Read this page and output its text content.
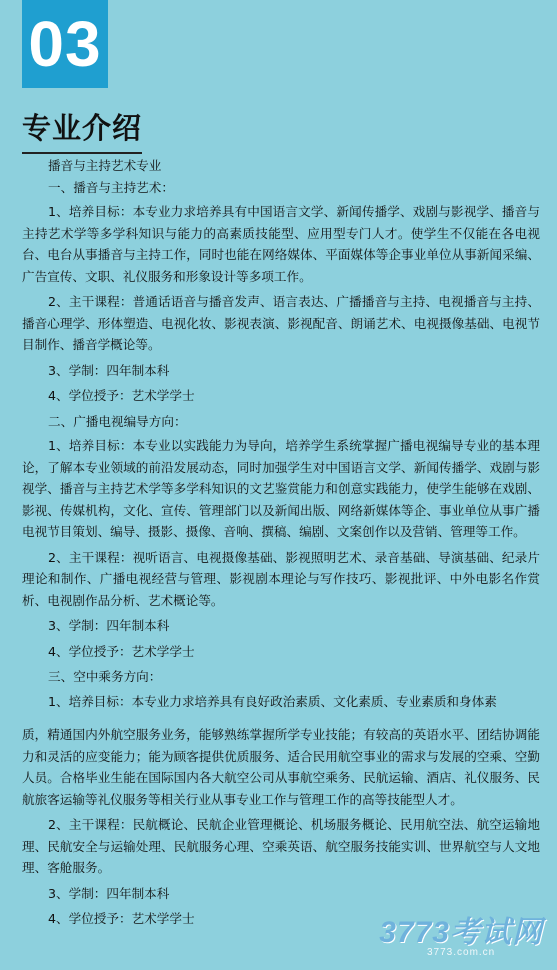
03
专业介绍

播音与主持艺术专业

一、播音与主持艺术：

1、培养目标：本专业力求培养具有中国语言文学、新闻传播学、戏剧与影视学、播音与主持艺术学等多学科知识与能力的高素质技能型、应用型专门人才。使学生不仅能在各电视台、电台从事播音与主持工作，同时也能在网络媒体、平面媒体等企事业单位从事新闻采编、广告宣传、文职、礼仪服务和形象设计等多项工作。

2、主干课程：普通话语音与播音发声、语言表达、广播播音与主持、电视播音与主持、播音心理学、形体塑造、电视化妆、影视表演、影视配音、朗诵艺术、电视摄像基础、电视节目制作、播音学概论等。

3、学制：四年制本科

4、学位授予：艺术学学士

二、广播电视编导方向：

1、培养目标：本专业以实践能力为导向，培养学生系统掌握广播电视编导专业的基本理论，了解本专业领域的前沿发展动态，同时加强学生对中国语言文学、新闻传播学、戏剧与影视学、播音与主持艺术学等多学科知识的文艺鉴赏能力和创意实践能力，使学生能够在戏剧、影视、传媒机构，文化、宣传、管理部门以及新闻出版、网络新媒体等企、事业单位从事广播电视节目策划、编导、摄影、摄像、音响、撰稿、编剧、文案创作以及营销、管理等工作。

2、主干课程：视听语言、电视摄像基础、影视照明艺术、录音基础、导演基础、纪录片理论和制作、广播电视经营与管理、影视剧本理论与写作技巧、影视批评、中外电影名作赏析、电视剧作品分析、艺术概论等。

3、学制：四年制本科

4、学位授予：艺术学学士

三、空中乘务方向：

1、培养目标：本专业力求培养具有良好政治素质、文化素质、专业素质和身体素

质，精通国内外航空服务业务，能够熟练掌握所学专业技能；有较高的英语水平、团结协调能力和灵活的应变能力；能为顾客提供优质服务、适合民用航空事业的需求与发展的空乘、空勤人员。合格毕业生能在国际国内各大航空公司从事航空乘务、民航运输、酒店、礼仪服务、民航旅客运输等礼仪服务等相关行业从事专业工作与管理工作的高等技能型人才。

2、主干课程：民航概论、民航企业管理概论、机场服务概论、民用航空法、航空运输地理、民航安全与运输处理、民航服务心理、空乘英语、航空服务技能实训、世界航空与人文地理、客舱服务。

3、学制：四年制本科

4、学位授予：艺术学学士	3773考试网
3773.com.cn
